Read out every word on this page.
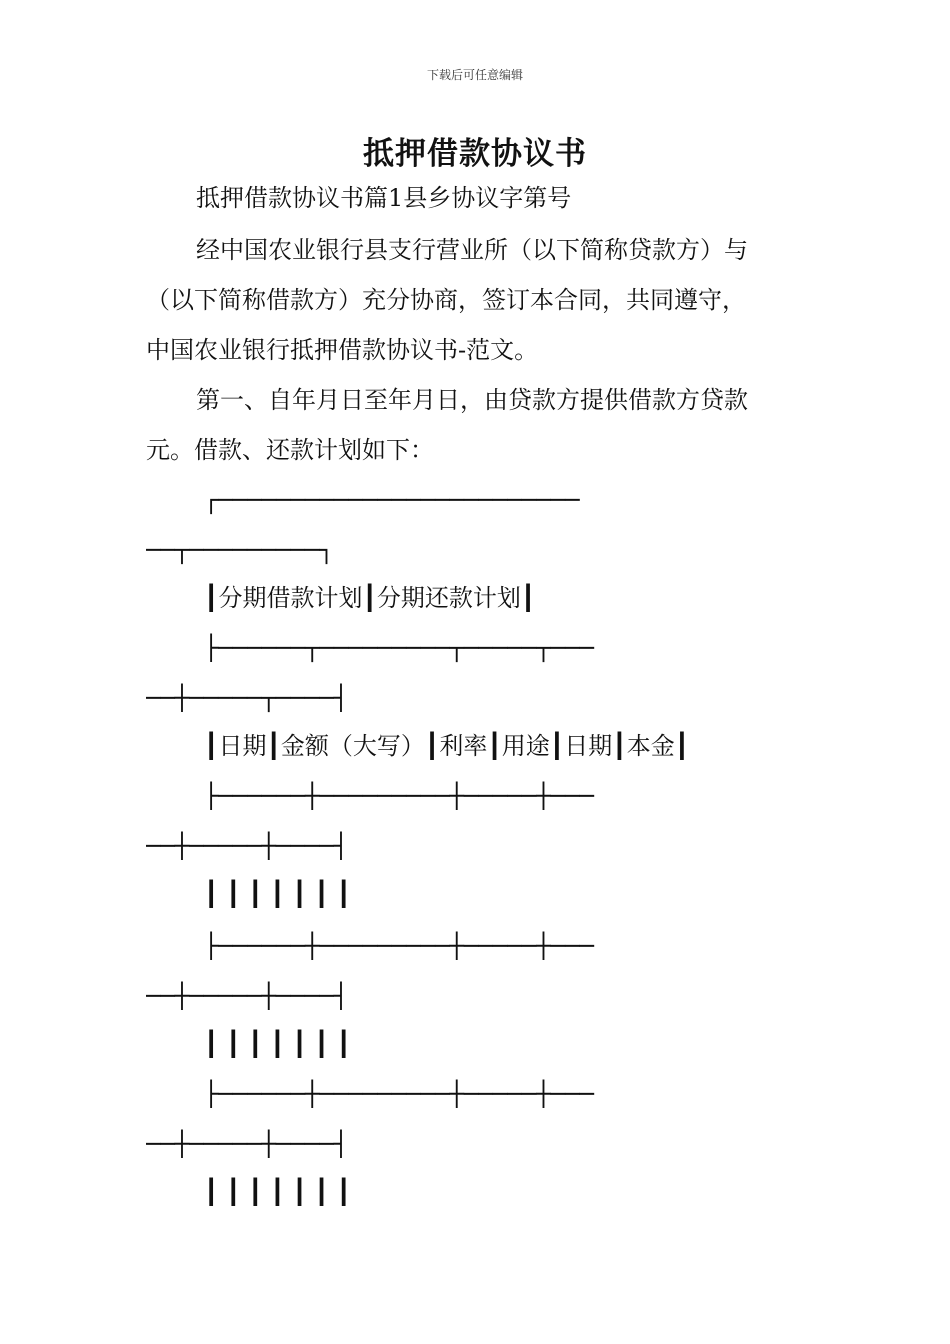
下载后可任意编辑
抵押借款协议书
抵押借款协议书篇1县乡协议字第号
经中国农业银行县支行营业所（以下简称贷款方）与
（以下简称借款方）充分协商，签订本合同，共同遵守，
中国农业银行抵押借款协议书-范文。
第一、自年月日至年月日，由贷款方提供借款方贷款
元。借款、还款计划如下：
┌─────────────────────────
──┬─────────┐
┃分期借款计划┃分期还款计划┃
├──────┬─────────┬─────┬───
──┼─────┬────┤
┃日期┃金额（大写）┃利率┃用途┃日期┃本金┃
├──────┼─────────┼─────┼───
──┼─────┼────┤
┃ ┃ ┃ ┃ ┃ ┃ ┃
├──────┼─────────┼─────┼───
──┼─────┼────┤
┃ ┃ ┃ ┃ ┃ ┃ ┃
├──────┼─────────┼─────┼───
──┼─────┼────┤
┃ ┃ ┃ ┃ ┃ ┃ ┃
